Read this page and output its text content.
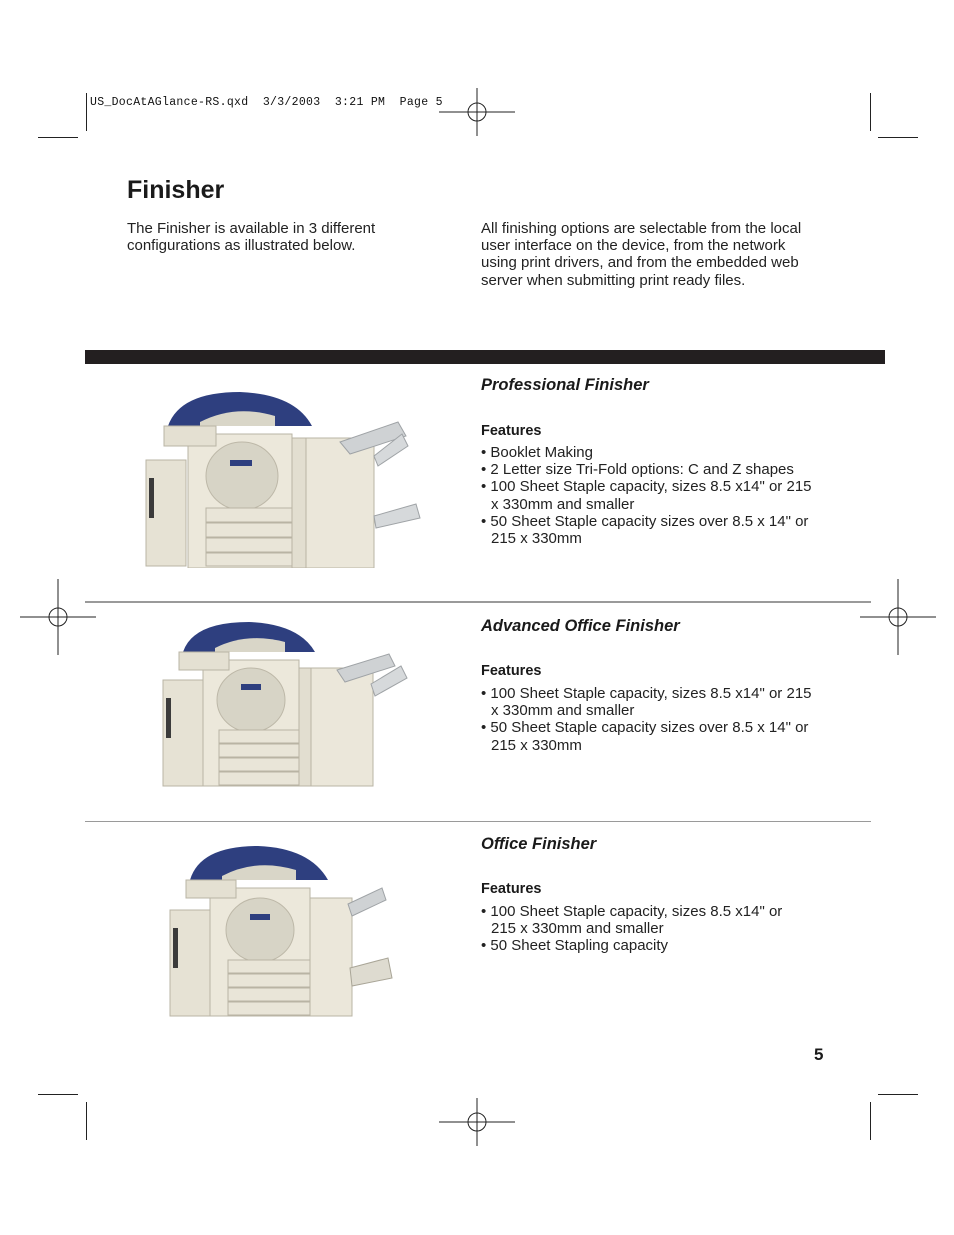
US_DocAtAGlance-RS.qxd  3/3/2003  3:21 PM  Page 5
Finisher
The Finisher is available in 3 different configurations as illustrated below.
All finishing options are selectable from the local user interface on the device, from the network using print drivers, and from the embedded web server when submitting print ready files.
Professional Finisher
Features
• Booklet Making
• 2 Letter size Tri-Fold options: C and Z shapes
• 100 Sheet Staple capacity, sizes 8.5 x14" or 215 x 330mm and smaller
• 50 Sheet Staple capacity sizes over 8.5 x 14" or 215 x 330mm
Advanced Office Finisher
Features
• 100 Sheet Staple capacity, sizes 8.5 x14" or 215 x 330mm and smaller
• 50 Sheet Staple capacity sizes over 8.5 x 14" or 215 x 330mm
Office Finisher
Features
• 100 Sheet Staple capacity, sizes 8.5 x14" or 215 x 330mm and smaller
• 50 Sheet Stapling capacity
5
